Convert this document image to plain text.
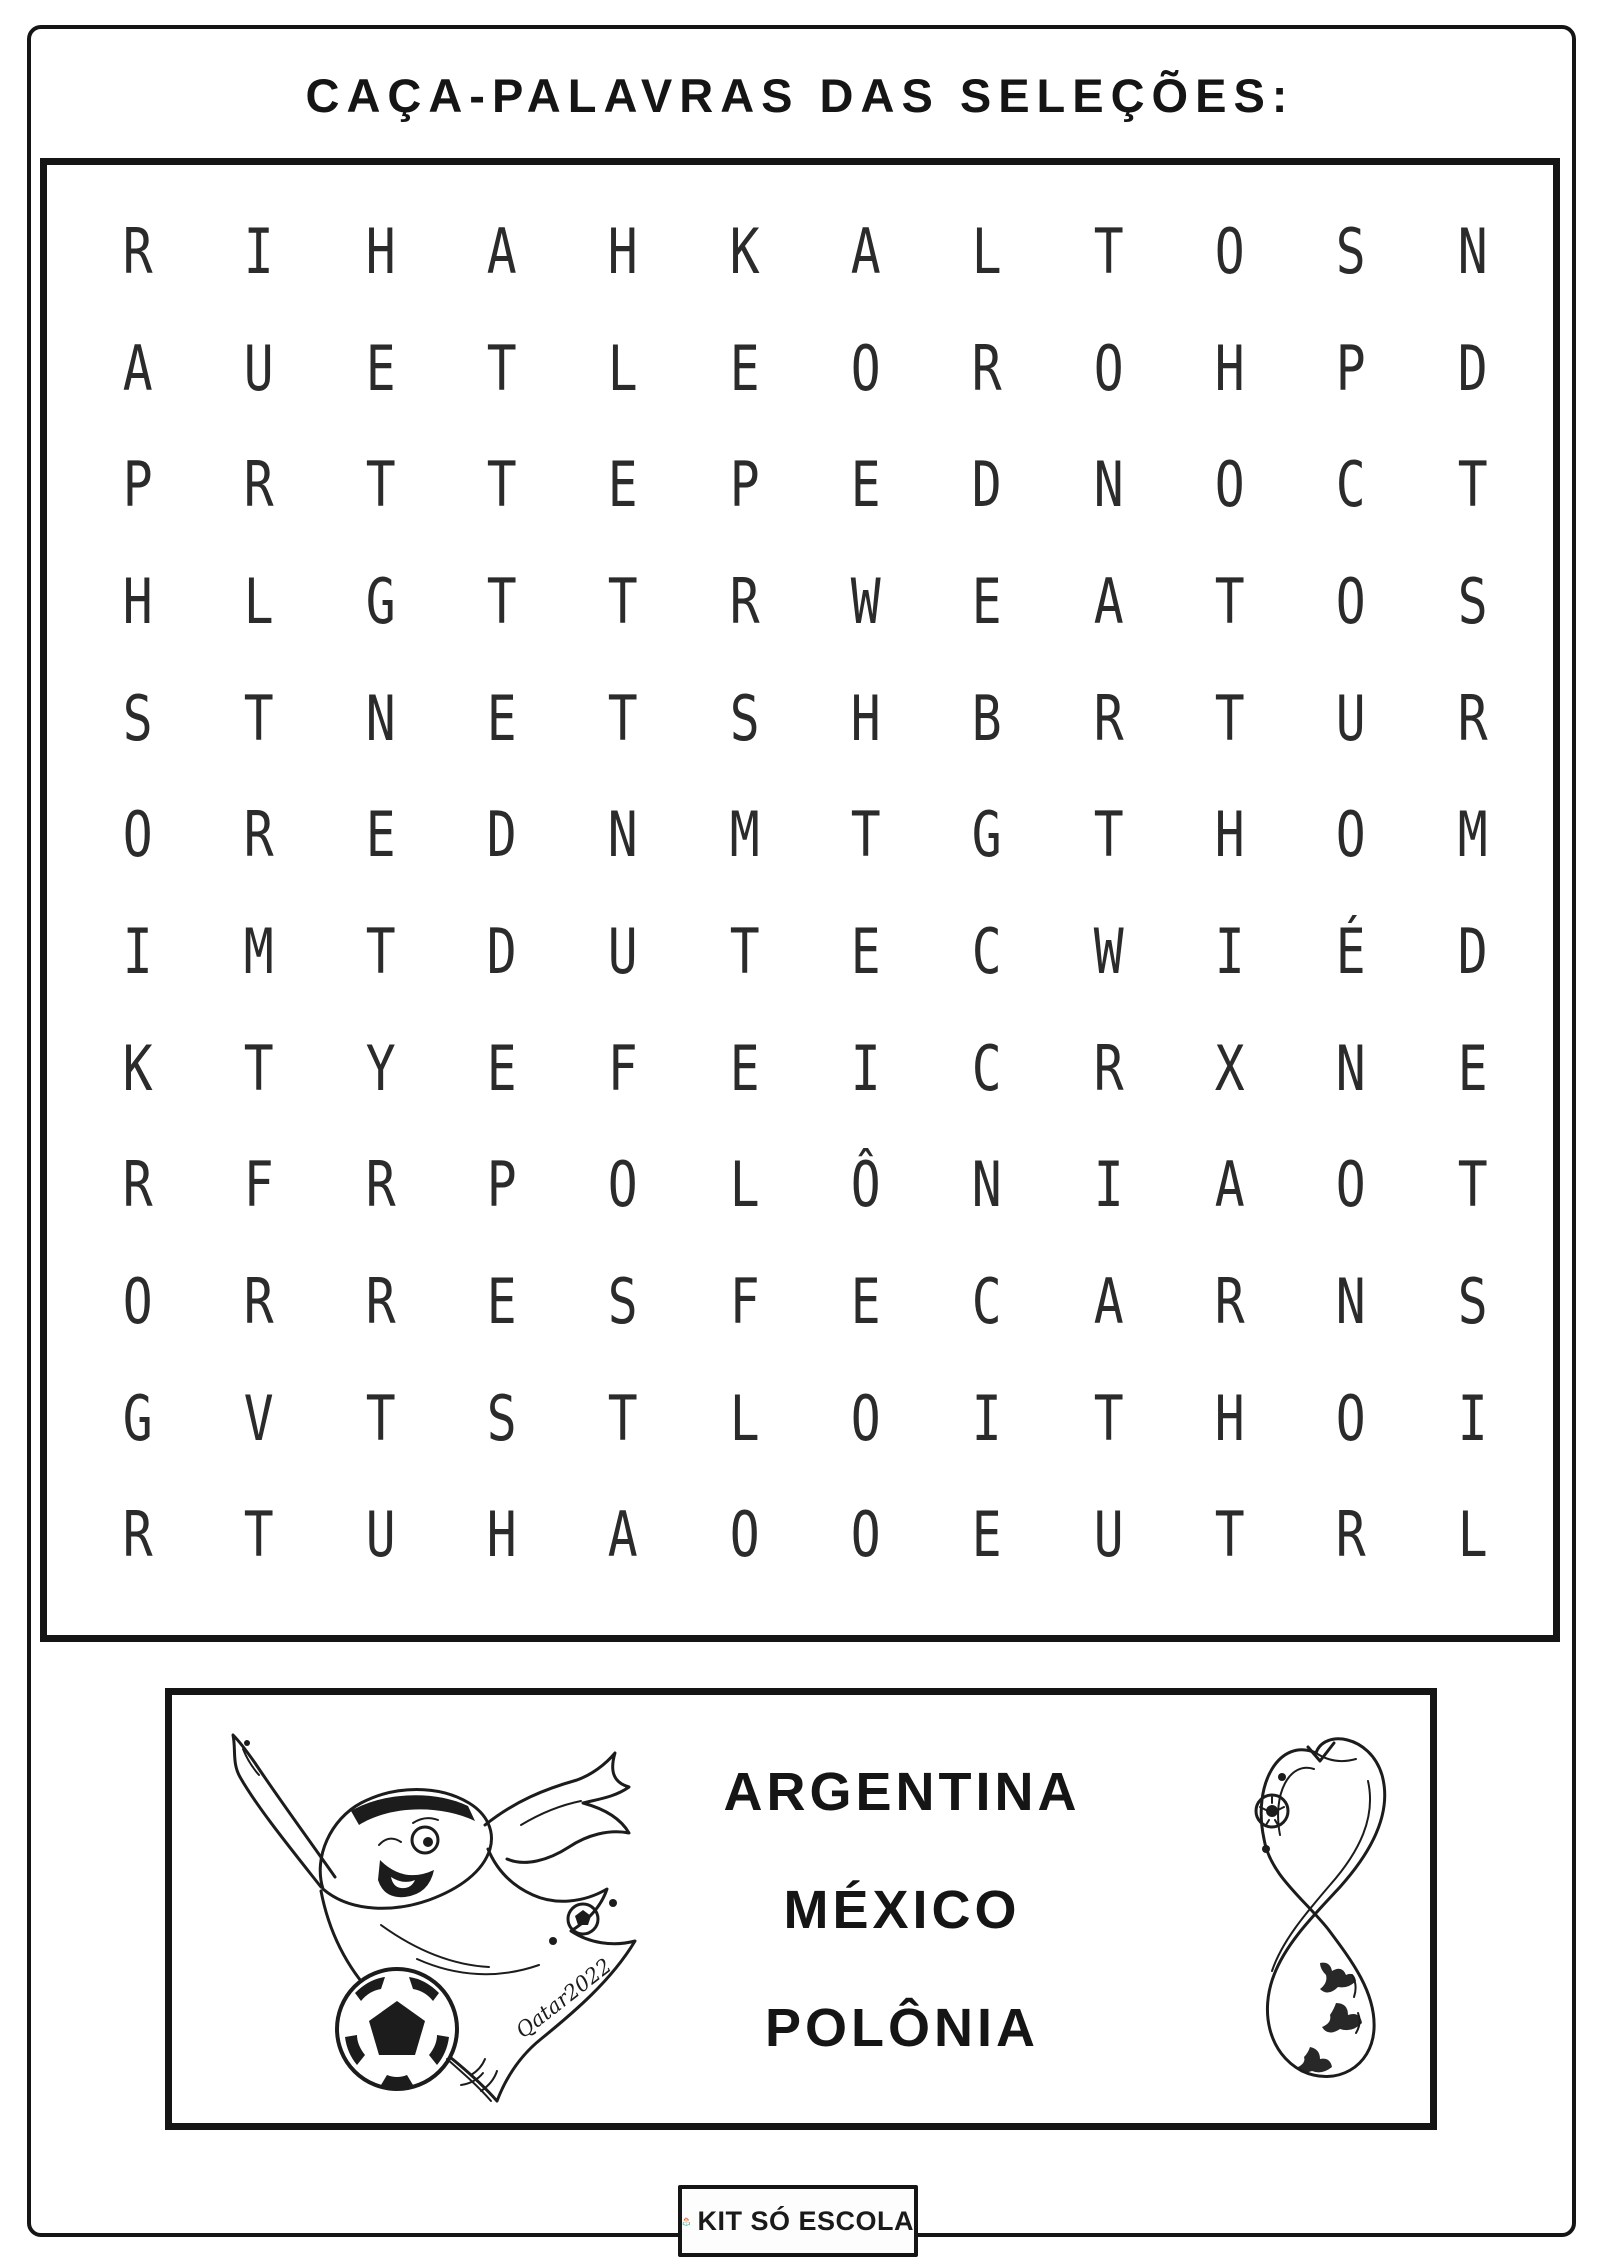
CAÇA-PALAVRAS DAS SELEÇÕES:
R	I	H	A	H	K	A	L	T	O	S	N
A	U	E	T	L	E	O	R	O	H	P	D
P	R	T	T	E	P	E	D	N	O	C	T
H	L	G	T	T	R	W	E	A	T	O	S
S	T	N	E	T	S	H	B	R	T	U	R
O	R	E	D	N	M	T	G	T	H	O	M
I	M	T	D	U	T	E	C	W	I	É	D
K	T	Y	E	F	E	I	C	R	X	N	E
R	F	R	P	O	L	Ô	N	I	A	O	T
O	R	R	E	S	F	E	C	A	R	N	S
G	V	T	S	T	L	O	I	T	H	O	I
R	T	U	H	A	O	O	E	U	T	R	L
Qatar2022
ARGENTINA
MÉXICO
POLÔNIA
KIT SÓ ESCOLA
